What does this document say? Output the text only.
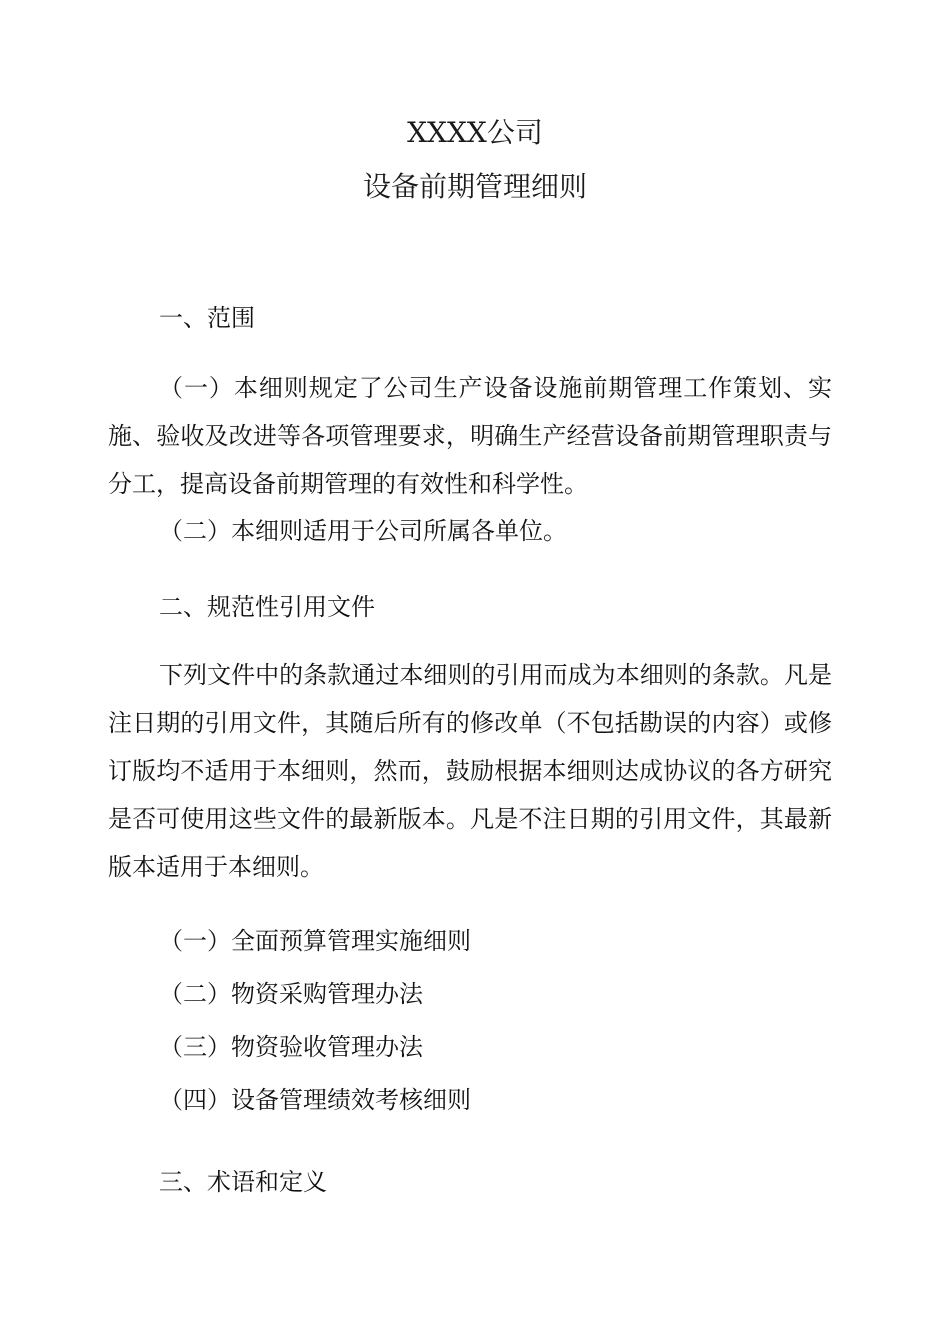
XXXX公司
设备前期管理细则
一、范围
（一）本细则规定了公司生产设备设施前期管理工作策划、实施、验收及改进等各项管理要求，明确生产经营设备前期管理职责与分工，提高设备前期管理的有效性和科学性。
（二）本细则适用于公司所属各单位。
二、规范性引用文件
下列文件中的条款通过本细则的引用而成为本细则的条款。凡是注日期的引用文件，其随后所有的修改单（不包括勘误的内容）或修订版均不适用于本细则，然而，鼓励根据本细则达成协议的各方研究是否可使用这些文件的最新版本。凡是不注日期的引用文件，其最新版本适用于本细则。
（一）全面预算管理实施细则
（二）物资采购管理办法
（三）物资验收管理办法
（四）设备管理绩效考核细则
三、术语和定义
